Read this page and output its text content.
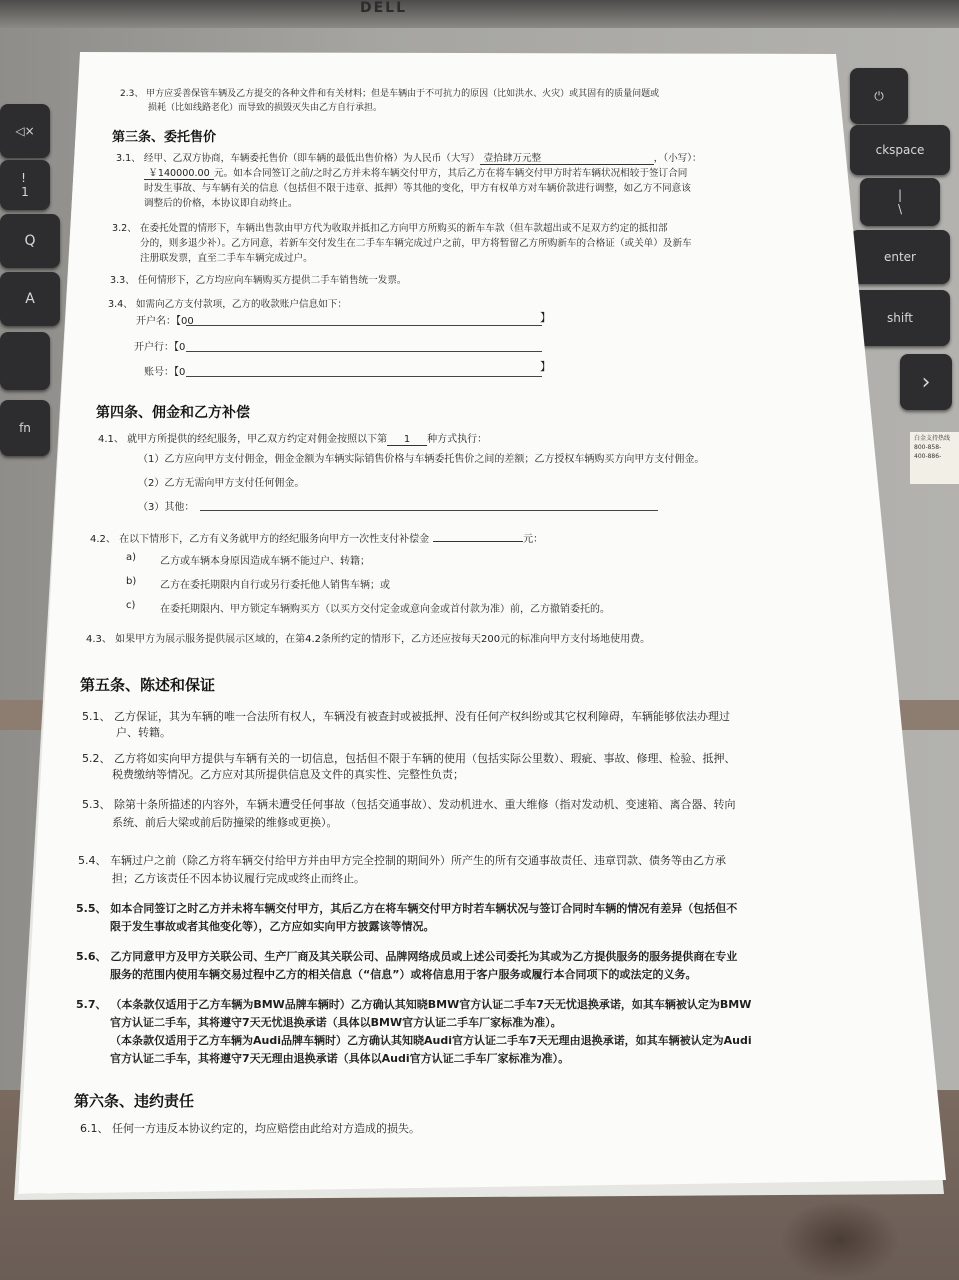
DELL
⏻
ckspace
|
\
enter
shift
›
◁×
!
1
Q
A
fn
白金支持热线
800-858-
400-886-
2.3、 甲方应妥善保管车辆及乙方提交的各种文件和有关材料；但是车辆由于不可抗力的原因（比如洪水、火灾）或其固有的质量问题或
损耗（比如线路老化）而导致的损毁灭失由乙方自行承担。
第三条、委托售价
3.1、 经甲、乙双方协商，车辆委托售价（即车辆的最低出售价格）为人民币（大写） 壹拾肆万元整	，（小写）：
￥140000.00 元。如本合同签订之前/之时乙方并未将车辆交付甲方，其后乙方在将车辆交付甲方时若车辆状况相较于签订合同
时发生事故、与车辆有关的信息（包括但不限于违章、抵押）等其他的变化，甲方有权单方对车辆价款进行调整，如乙方不同意该
调整后的价格，本协议即自动终止。
3.2、 在委托处置的情形下，车辆出售款由甲方代为收取并抵扣乙方向甲方所购买的新车车款（但车款超出或不足双方约定的抵扣部
分的，则多退少补）。乙方同意，若新车交付发生在二手车车辆完成过户之前，甲方将暂留乙方所购新车的合格证（或关单）及新车
注册联发票，直至二手车车辆完成过户。
3.3、 任何情形下，乙方均应向车辆购买方提供二手车销售统一发票。
3.4、 如需向乙方支付款项，乙方的收款账户信息如下：
开户名：【00	】
开户行：【0
账号：【0	】
第四条、佣金和乙方补偿
4.1、 就甲方所提供的经纪服务，甲乙双方约定对佣金按照以下第 1 种方式执行：
（1）乙方应向甲方支付佣金，佣金金额为车辆实际销售价格与车辆委托售价之间的差额；乙方授权车辆购买方向甲方支付佣金。
（2）乙方无需向甲方支付任何佣金。
（3）其他：
4.2、 在以下情形下，乙方有义务就甲方的经纪服务向甲方一次性支付补偿金	元：
a) 乙方或车辆本身原因造成车辆不能过户、转籍；
b) 乙方在委托期限内自行或另行委托他人销售车辆；或
c) 在委托期限内、甲方锁定车辆购买方（以买方交付定金或意向金或首付款为准）前，乙方撤销委托的。
4.3、 如果甲方为展示服务提供展示区域的，在第4.2条所约定的情形下，乙方还应按每天200元的标准向甲方支付场地使用费。
第五条、陈述和保证
5.1、 乙方保证，其为车辆的唯一合法所有权人，车辆没有被查封或被抵押、没有任何产权纠纷或其它权利障碍，车辆能够依法办理过
户、转籍。
5.2、 乙方将如实向甲方提供与车辆有关的一切信息，包括但不限于车辆的使用（包括实际公里数）、瑕疵、事故、修理、检验、抵押、
税费缴纳等情况。乙方应对其所提供信息及文件的真实性、完整性负责；
5.3、 除第十条所描述的内容外，车辆未遭受任何事故（包括交通事故）、发动机进水、重大维修（指对发动机、变速箱、离合器、转向
系统、前后大梁或前后防撞梁的维修或更换）。
5.4、 车辆过户之前（除乙方将车辆交付给甲方并由甲方完全控制的期间外）所产生的所有交通事故责任、违章罚款、债务等由乙方承
担；乙方该责任不因本协议履行完成或终止而终止。
5.5、 如本合同签订之时乙方并未将车辆交付甲方，其后乙方在将车辆交付甲方时若车辆状况与签订合同时车辆的情况有差异（包括但不
限于发生事故或者其他变化等），乙方应如实向甲方披露该等情况。
5.6、 乙方同意甲方及甲方关联公司、生产厂商及其关联公司、品牌网络成员或上述公司委托为其或为乙方提供服务的服务提供商在专业
服务的范围内使用车辆交易过程中乙方的相关信息（“信息”）或将信息用于客户服务或履行本合同项下的或法定的义务。
5.7、 （本条款仅适用于乙方车辆为BMW品牌车辆时）乙方确认其知晓BMW官方认证二手车7天无忧退换承诺，如其车辆被认定为BMW
官方认证二手车，其将遵守7天无忧退换承诺（具体以BMW官方认证二手车厂家标准为准）。
（本条款仅适用于乙方车辆为Audi品牌车辆时）乙方确认其知晓Audi官方认证二手车7天无理由退换承诺，如其车辆被认定为Audi
官方认证二手车，其将遵守7天无理由退换承诺（具体以Audi官方认证二手车厂家标准为准）。
第六条、违约责任
6.1、 任何一方违反本协议约定的，均应赔偿由此给对方造成的损失。
